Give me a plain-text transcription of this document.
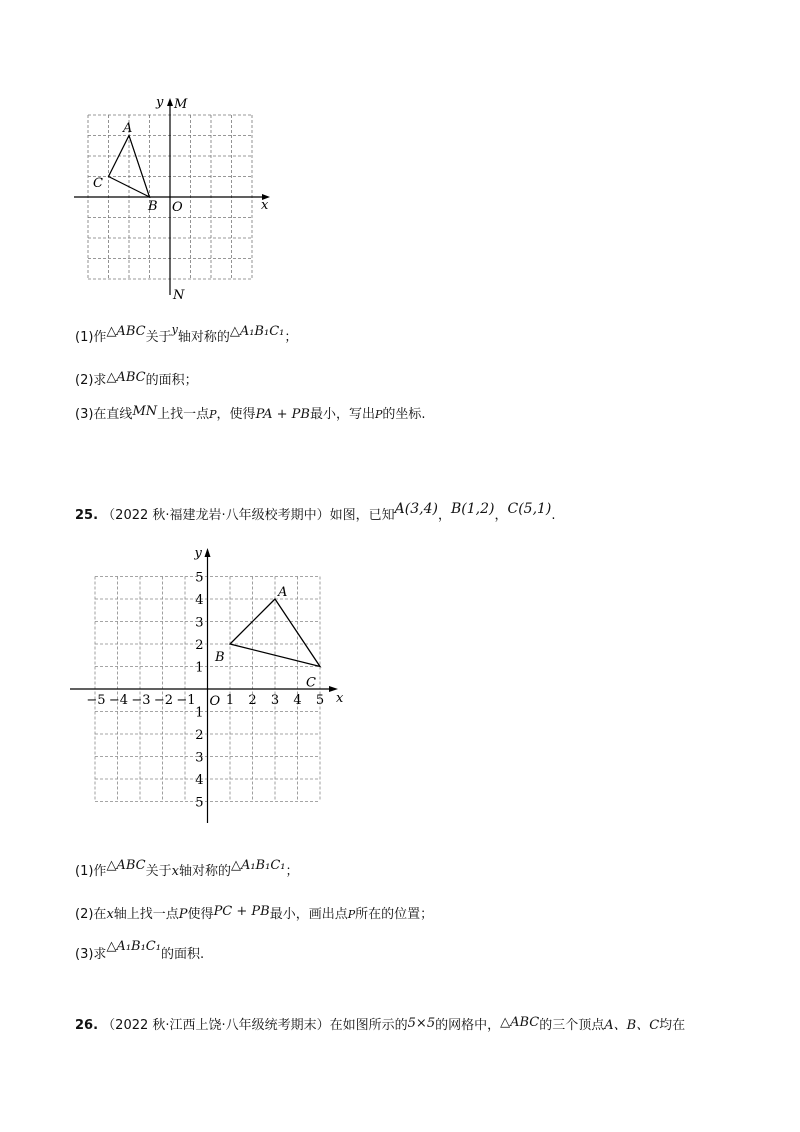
y M
x
N
O
A
B
C
(1)作△ABC关于$^y$轴对称的△A₁B₁C₁；
(2)求△ABC的面积；
(3)在直线MN上找一点P，使得PA + PB最小，写出P的坐标.
25. （2022 秋·福建龙岩·八年级校考期中）如图，已知A(3,4)，B(1,2)，C(5,1).
−5 −4 −3 −2 −1 1 2 3 4 5
1
2
3
4
5
1
2
3
4
5
O	x
y
A
B
C
(1)作△ABC关于x轴对称的△A₁B₁C₁；
(2)在x轴上找一点P使得PC + PB最小，画出点P所在的位置；
(3)求△A₁B₁C₁的面积.
26. （2022 秋·江西上饶·八年级统考期末）在如图所示的5×5的网格中，△ABC的三个顶点A、B、C均在
